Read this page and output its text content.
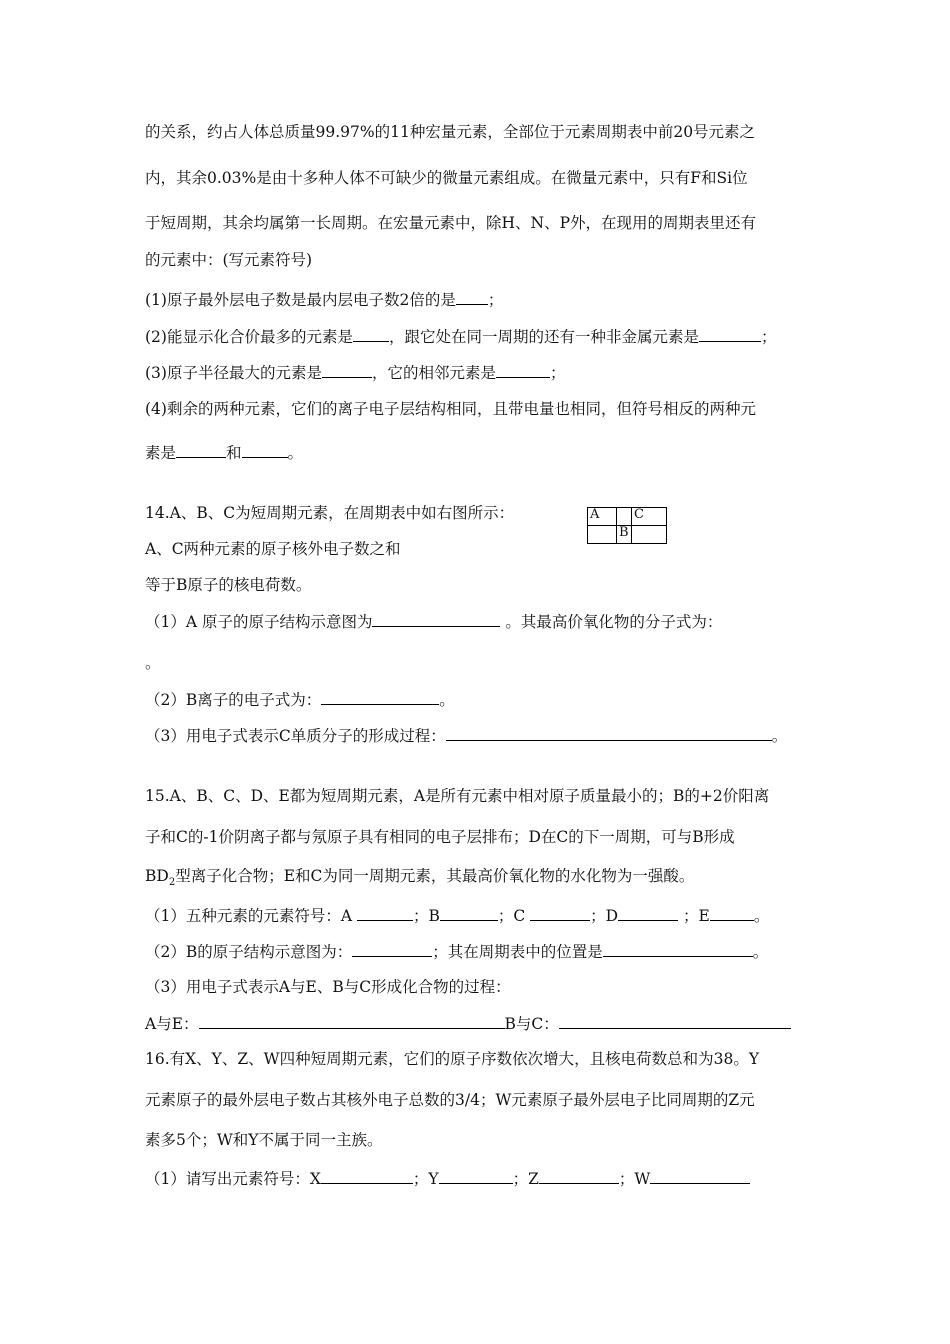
的关系，约占人体总质量99.97%的11种宏量元素，全部位于元素周期表中前20号元素之
内，其余0.03%是由十多种人体不可缺少的微量元素组成。在微量元素中，只有F和Si位
于短周期，其余均属第一长周期。在宏量元素中，除H、N、P外，在现用的周期表里还有
的元素中：(写元素符号)
(1)原子最外层电子数是最内层电子数2倍的是 ；
(2)能显示化合价最多的元素是 ，跟它处在同一周期的还有一种非金属元素是	；
(3)原子半径最大的元素是	，它的相邻元素是	；
(4)剩余的两种元素，它们的离子电子层结构相同，且带电量也相同，但符号相反的两种元
素是	和	。
14.A、B、C为短周期元素，在周期表中如右图所示：
A、C两种元素的原子核外电子数之和
等于B原子的核电荷数。
A		C
	B	
（1）A 原子的原子结构示意图为	。其最高价氧化物的分子式为：
。
（2）B离子的电子式为：	。
（3）用电子式表示C单质分子的形成过程：	。
15.A、B、C、D、E都为短周期元素，A是所有元素中相对原子质量最小的；B的+2价阳离
子和C的-1价阴离子都与氖原子具有相同的电子层排布；D在C的下一周期，可与B形成
$BD_2$型离子化合物；E和C为同一周期元素，其最高价氧化物的水化物为一强酸。
（1）五种元素的元素符号：A	；B	；C	；D	；E	。
（2）B的原子结构示意图为：	；其在周期表中的位置是	。
（3）用电子式表示A与E、B与C形成化合物的过程：
A与E：	B与C：
16.有X、Y、Z、W四种短周期元素，它们的原子序数依次增大，且核电荷数总和为38。Y
元素原子的最外层电子数占其核外电子总数的3/4；W元素原子最外层电子比同周期的Z元
素多5个；W和Y不属于同一主族。
（1）请写出元素符号：X	；Y	；Z	；W
